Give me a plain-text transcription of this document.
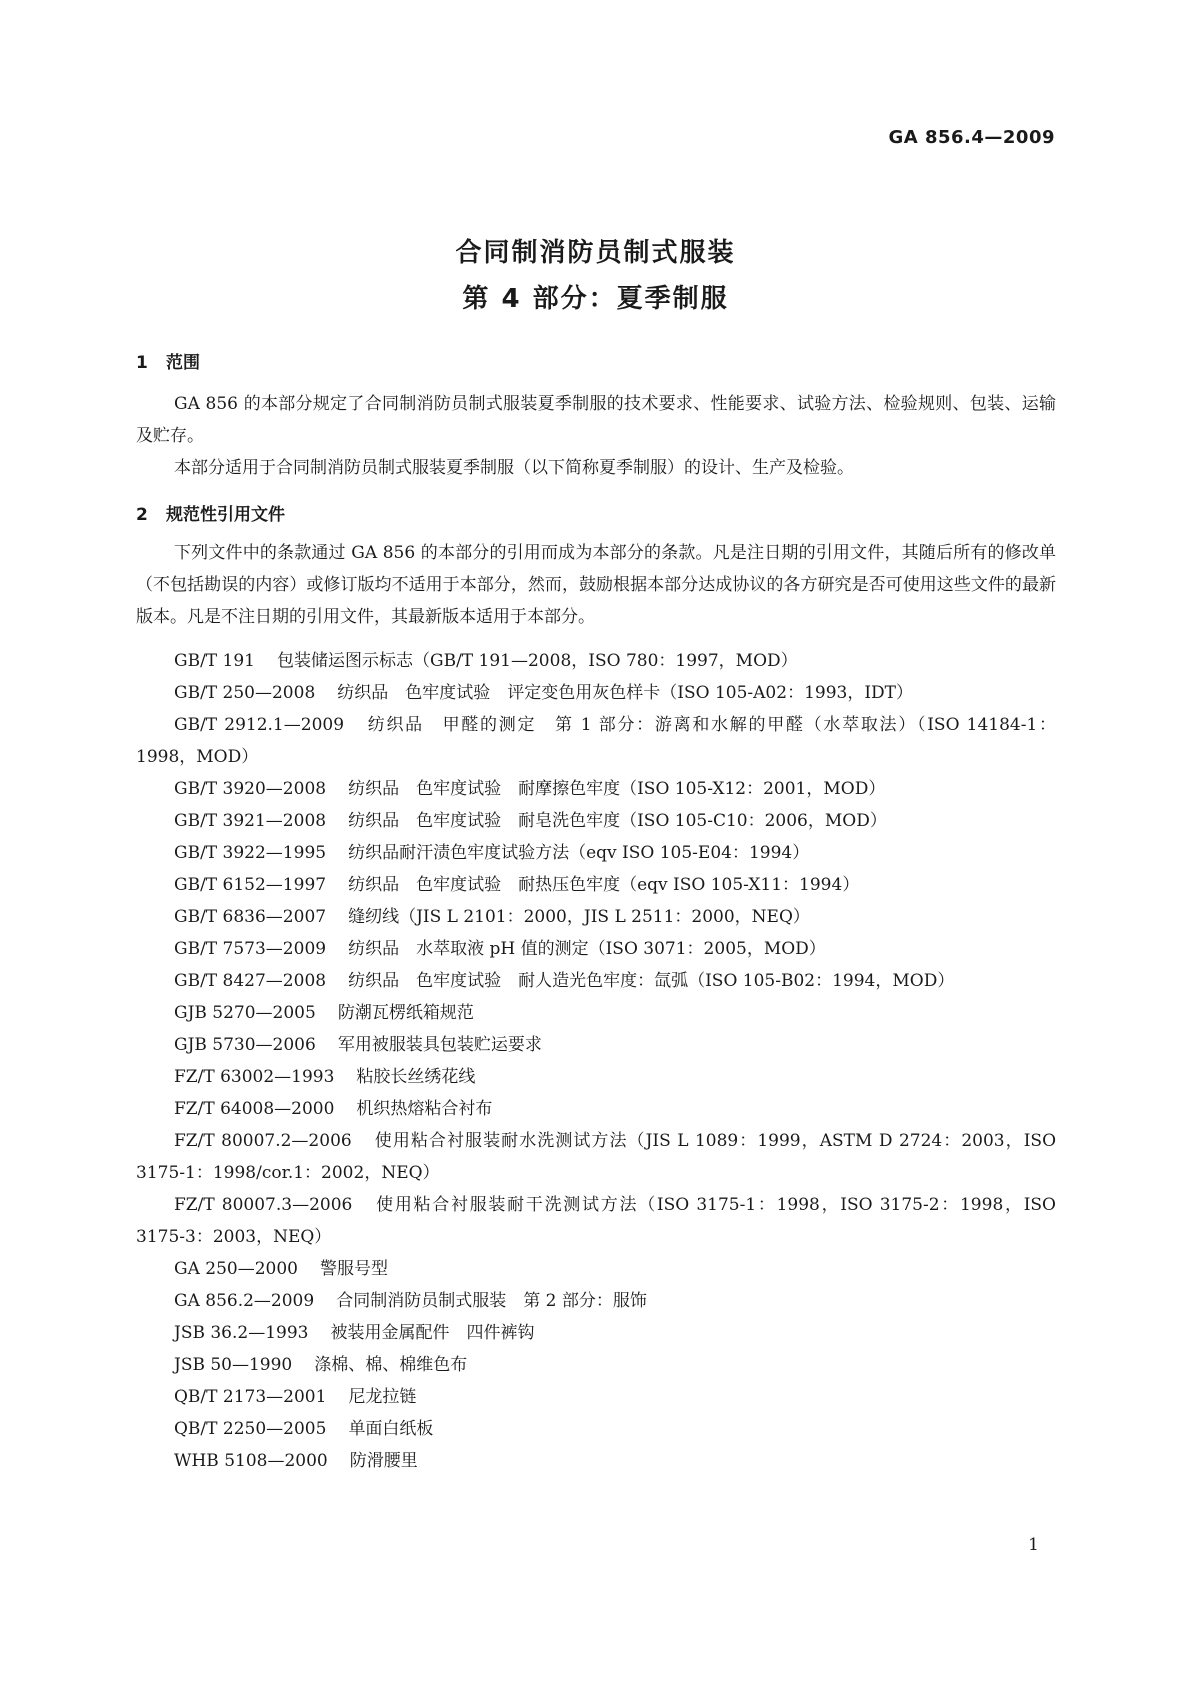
GA 856.4—2009
合同制消防员制式服装
第 4 部分：夏季制服
1 范围

GA 856 的本部分规定了合同制消防员制式服装夏季制服的技术要求、性能要求、试验方法、检验规则、包装、运输及贮存。

本部分适用于合同制消防员制式服装夏季制服（以下简称夏季制服）的设计、生产及检验。

2 规范性引用文件

下列文件中的条款通过 GA 856 的本部分的引用而成为本部分的条款。凡是注日期的引用文件，其随后所有的修改单（不包括勘误的内容）或修订版均不适用于本部分，然而，鼓励根据本部分达成协议的各方研究是否可使用这些文件的最新版本。凡是不注日期的引用文件，其最新版本适用于本部分。

GB/T 191 包装储运图示标志（GB/T 191—2008，ISO 780：1997，MOD）

GB/T 250—2008 纺织品　色牢度试验　评定变色用灰色样卡（ISO 105-A02：1993，IDT）

GB/T 2912.1—2009 纺织品　甲醛的测定　第 1 部分：游离和水解的甲醛（水萃取法）（ISO 14184-1：1998，MOD）

GB/T 3920—2008 纺织品　色牢度试验　耐摩擦色牢度（ISO 105-X12：2001，MOD）

GB/T 3921—2008 纺织品　色牢度试验　耐皂洗色牢度（ISO 105-C10：2006，MOD）

GB/T 3922—1995 纺织品耐汗渍色牢度试验方法（eqv ISO 105-E04：1994）

GB/T 6152—1997 纺织品　色牢度试验　耐热压色牢度（eqv ISO 105-X11：1994）

GB/T 6836—2007 缝纫线（JIS L 2101：2000，JIS L 2511：2000，NEQ）

GB/T 7573—2009 纺织品　水萃取液 pH 值的测定（ISO 3071：2005，MOD）

GB/T 8427—2008 纺织品　色牢度试验　耐人造光色牢度：氙弧（ISO 105-B02：1994，MOD）

GJB 5270—2005 防潮瓦楞纸箱规范

GJB 5730—2006 军用被服装具包装贮运要求

FZ/T 63002—1993 粘胶长丝绣花线

FZ/T 64008—2000 机织热熔粘合衬布

FZ/T 80007.2—2006 使用粘合衬服装耐水洗测试方法（JIS L 1089：1999，ASTM D 2724：2003，ISO 3175-1：1998/cor.1：2002，NEQ）

FZ/T 80007.3—2006 使用粘合衬服装耐干洗测试方法（ISO 3175-1：1998，ISO 3175-2：1998，ISO 3175-3：2003，NEQ）

GA 250—2000 警服号型

GA 856.2—2009 合同制消防员制式服装　第 2 部分：服饰

JSB 36.2—1993 被装用金属配件　四件裤钩

JSB 50—1990 涤棉、棉、棉维色布

QB/T 2173—2001 尼龙拉链

QB/T 2250—2005 单面白纸板

WHB 5108—2000 防滑腰里

1
